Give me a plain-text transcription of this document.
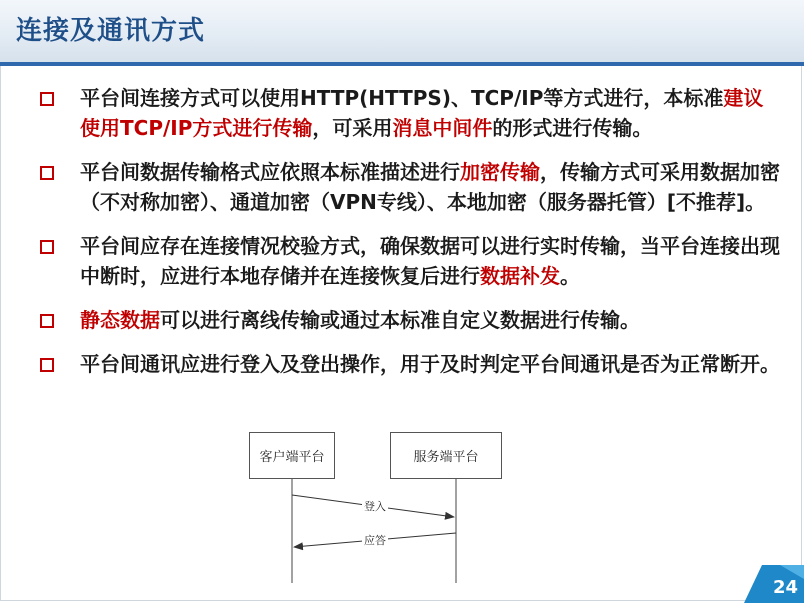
连接及通讯方式
平台间连接方式可以使用HTTP(HTTPS)、TCP/IP等方式进行，本标准建议使用TCP/IP方式进行传输，可采用消息中间件的形式进行传输。
平台间数据传输格式应依照本标准描述进行加密传输，传输方式可采用数据加密（不对称加密）、通道加密（VPN专线）、本地加密（服务器托管）[不推荐]。
平台间应存在连接情况校验方式，确保数据可以进行实时传输，当平台连接出现中断时，应进行本地存储并在连接恢复后进行数据补发。
静态数据可以进行离线传输或通过本标准自定义数据进行传输。
平台间通讯应进行登入及登出操作，用于及时判定平台间通讯是否为正常断开。
客户端平台	服务端平台
登入
应答
24
